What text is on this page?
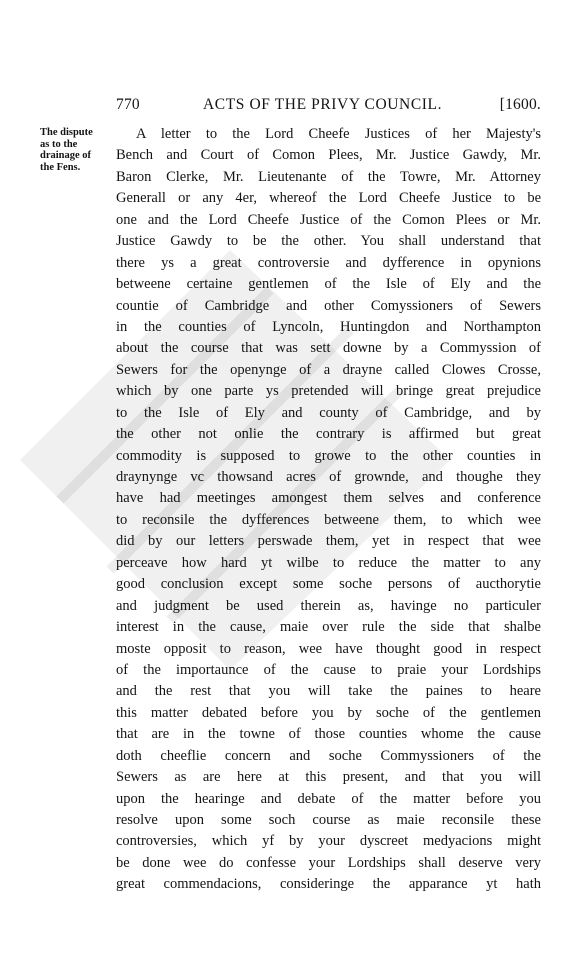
770	ACTS OF THE PRIVY COUNCIL.	[1600.
The dispute
as to the
drainage of
the Fens.
A letter to the Lord Cheefe Justices of her Majesty's
Bench and Court of Comon Plees, Mr. Justice Gawdy, Mr.
Baron Clerke, Mr. Lieutenante of the Towre, Mr. Attorney
Generall or any 4er, whereof the Lord Cheefe Justice to be
one and the Lord Cheefe Justice of the Comon Plees or Mr.
Justice Gawdy to be the other. You shall understand that
there ys a great controversie and dyfference in opynions
betweene certaine gentlemen of the Isle of Ely and the
countie of Cambridge and other Comyssioners of Sewers
in the counties of Lyncoln, Huntingdon and Northampton
about the course that was sett downe by a Commyssion of
Sewers for the openynge of a drayne called Clowes Crosse,
which by one parte ys pretended will bringe great prejudice
to the Isle of Ely and county of Cambridge, and by
the other not onlie the contrary is affirmed but great
commodity is supposed to growe to the other counties in
draynynge vc thowsand acres of grownde, and thoughe they
have had meetinges amongest them selves and conference
to reconsile the dyfferences betweene them, to which wee
did by our letters perswade them, yet in respect that wee
perceave how hard yt wilbe to reduce the matter to any
good conclusion except some soche persons of aucthorytie
and judgment be used therein as, havinge no particuler
interest in the cause, maie over rule the side that shalbe
moste opposit to reason, wee have thought good in respect
of the importaunce of the cause to praie your Lordships
and the rest that you will take the paines to heare
this matter debated before you by soche of the gentlemen
that are in the towne of those counties whome the cause
doth cheeflie concern and soche Commyssioners of the
Sewers as are here at this present, and that you will
upon the hearinge and debate of the matter before you
resolve upon some soch course as maie reconsile these
controversies, which yf by your dyscreet medyacions might
be done wee do confesse your Lordships shall deserve very
great commendacions, consideringe the apparance yt hath
